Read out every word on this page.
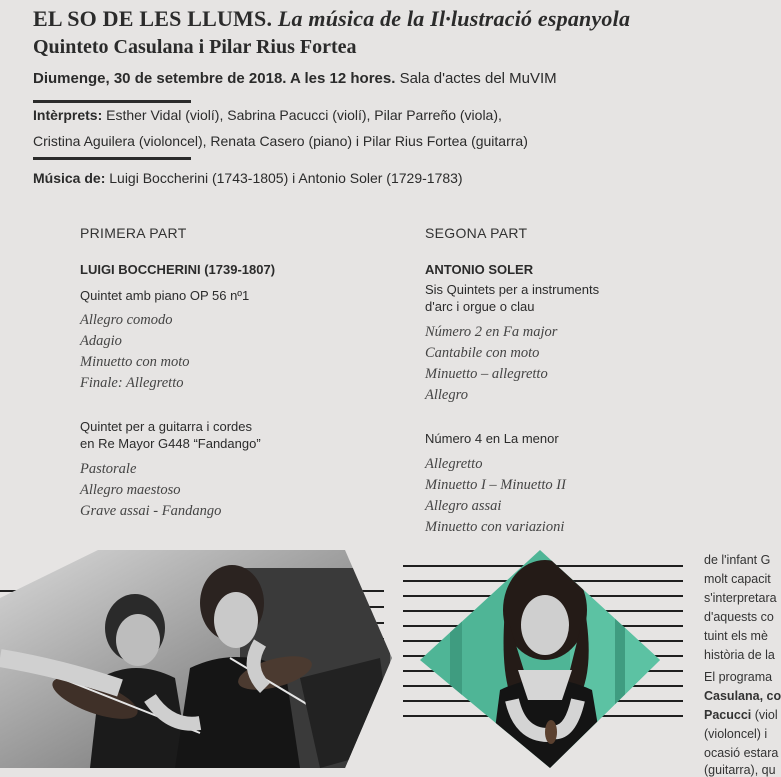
EL SO DE LES LLUMS. La música de la Il·lustració espanyola
Quinteto Casulana i Pilar Rius Fortea
Diumenge, 30 de setembre de 2018. A les 12 hores. Sala d'actes del MuVIM
Intèrprets: Esther Vidal (violí), Sabrina Pacucci (violí), Pilar Parreño (viola),
Cristina Aguilera (violoncel), Renata Casero (piano) i Pilar Rius Fortea (guitarra)
Música de: Luigi Boccherini (1743-1805) i Antonio Soler (1729-1783)
PRIMERA PART
LUIGI BOCCHERINI (1739-1807)
Quintet amb piano OP 56 nº1
Allegro comodo
Adagio
Minuetto con moto
Finale: Allegretto
Quintet per a guitarra i cordes
en Re Mayor G448 “Fandango”
Pastorale
Allegro maestoso
Grave assai - Fandango
SEGONA PART
ANTONIO SOLER
Sis Quintets per a instruments
d'arc i orgue o clau
Número 2 en Fa major
Cantabile con moto
Minuetto – allegretto
Allegro
Número 4 en La menor
Allegretto
Minuetto I – Minuetto II
Allegro assai
Minuetto con variazioni
de l'infant G
molt capacit
s'interpretara
d'aquests co
tuint els mè
història de la
El programa
Casulana, co
Pacucci (viol
(violoncel) i
ocasió estara
(guitarra), qu
